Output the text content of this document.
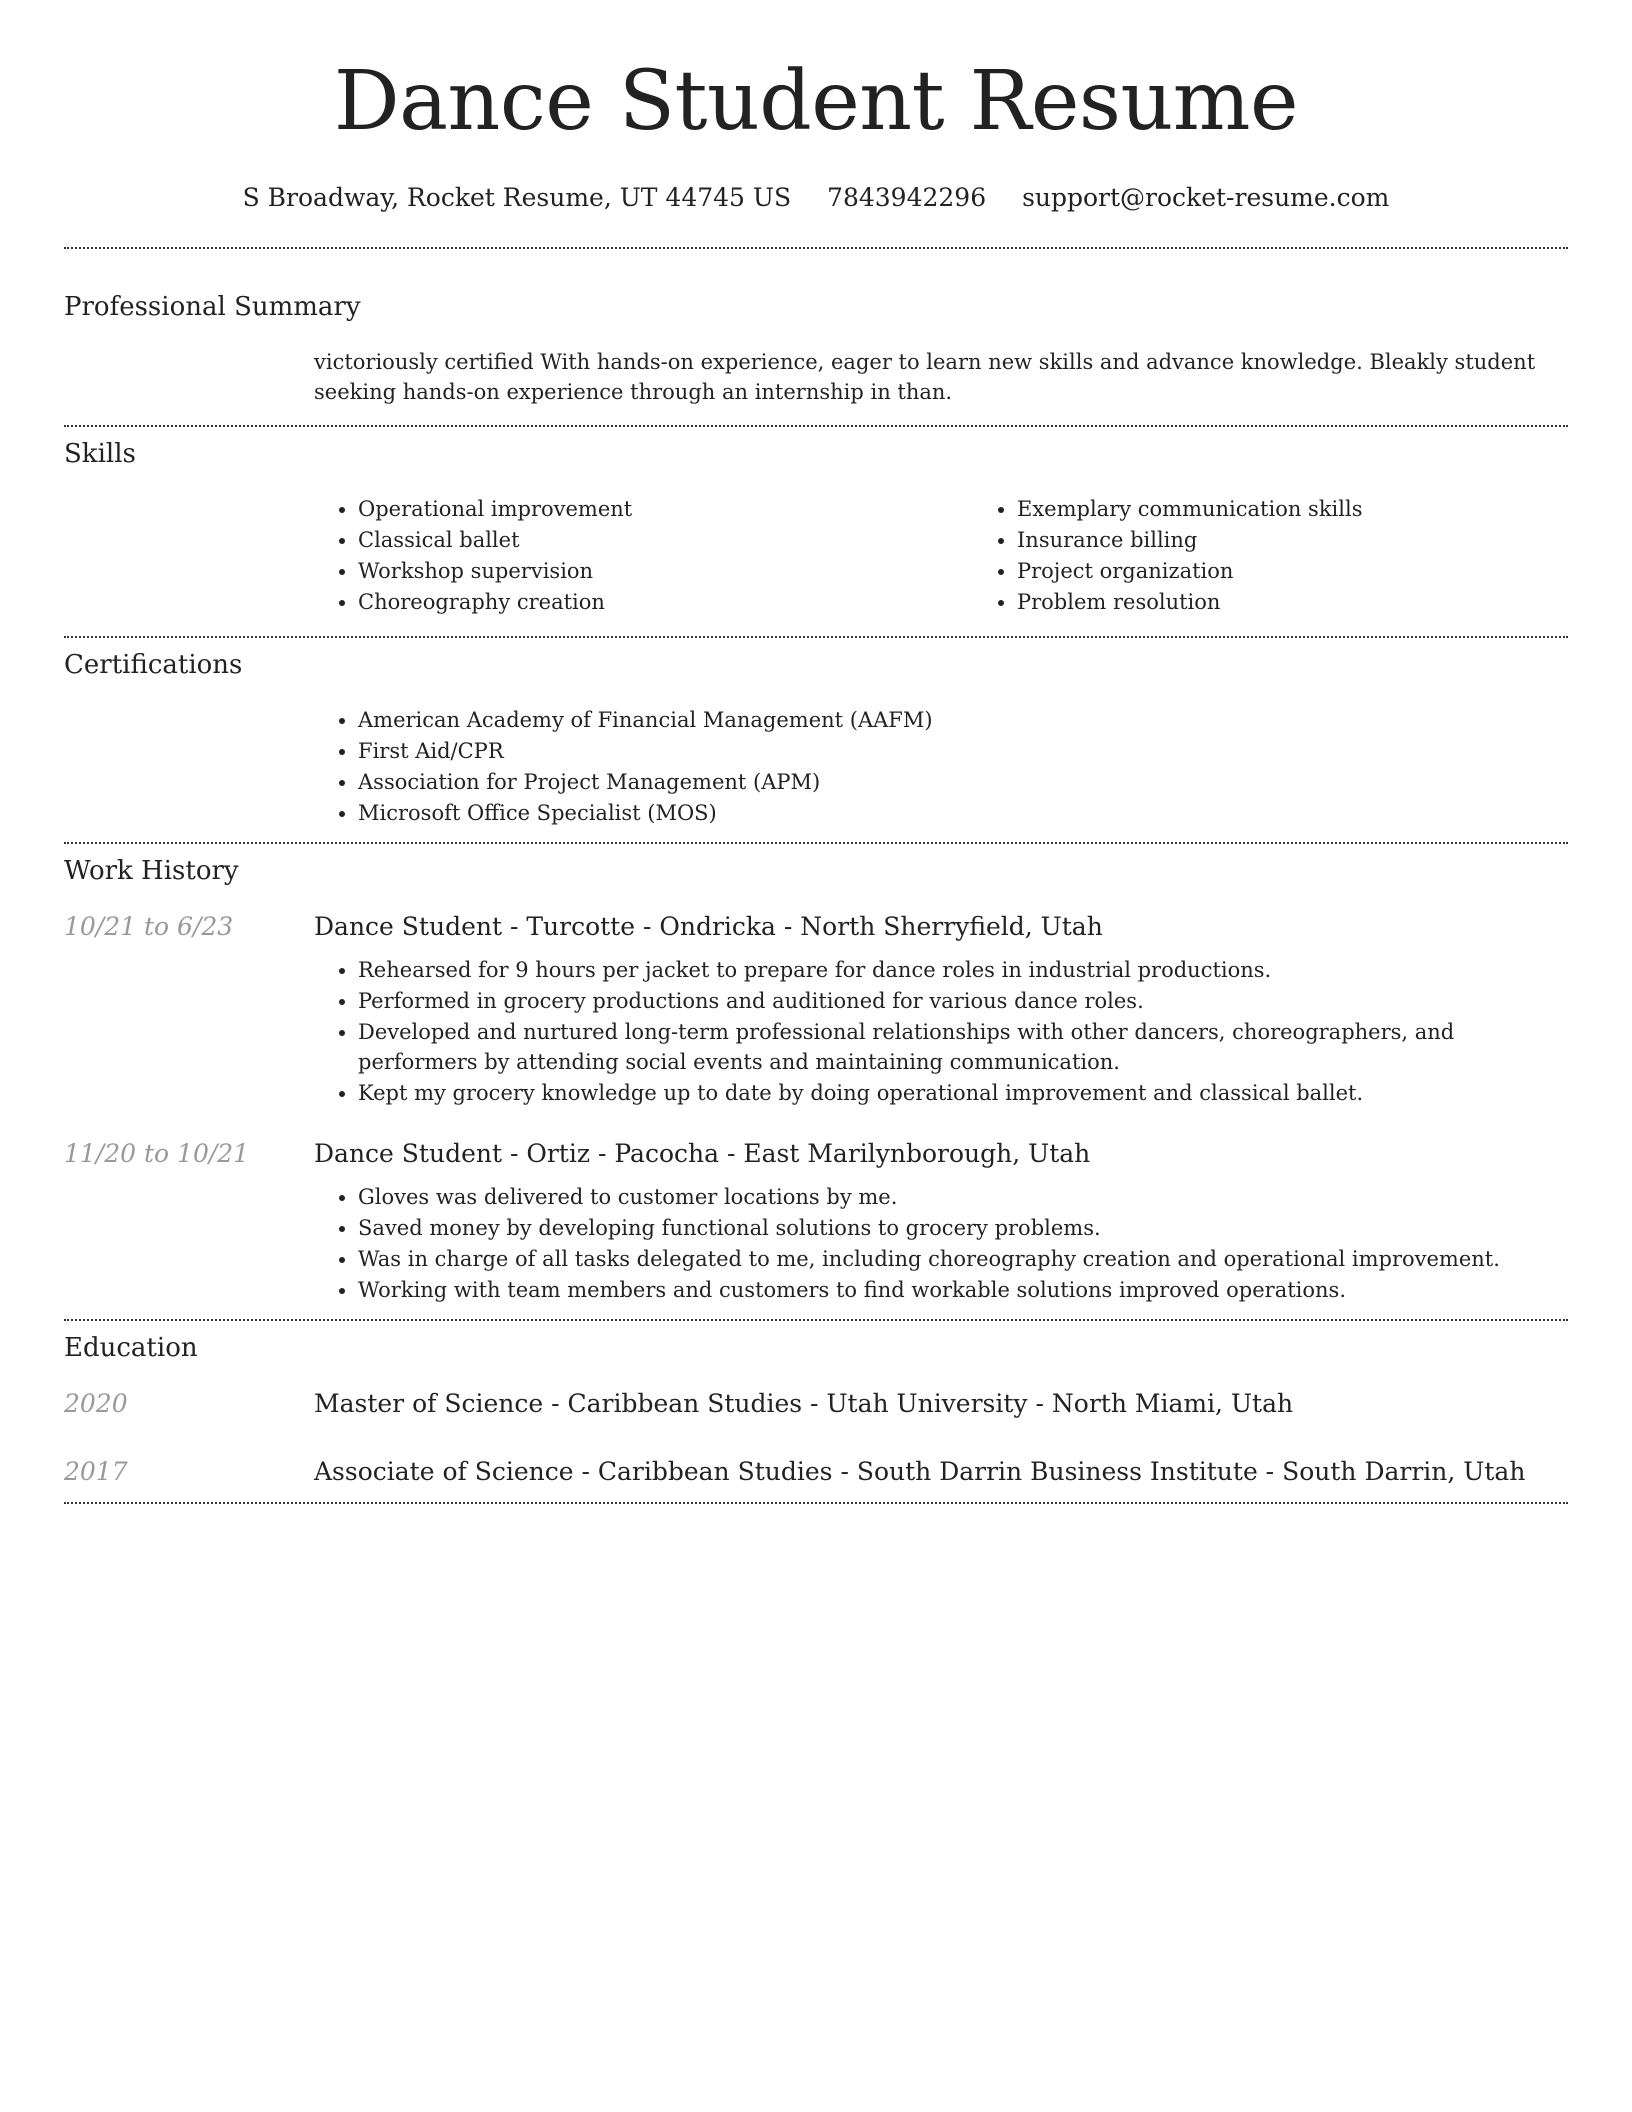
Dance Student Resume
S Broadway, Rocket Resume, UT 44745 US 7843942296 support@rocket-resume.com
Professional Summary
victoriously certified With hands-on experience, eager to learn new skills and advance knowledge. Bleakly student seeking hands-on experience through an internship in than.
Skills
• Operational improvement
• Classical ballet
• Workshop supervision
• Choreography creation
• Exemplary communication skills
• Insurance billing
• Project organization
• Problem resolution
Certifications
• American Academy of Financial Management (AAFM)
• First Aid/CPR
• Association for Project Management (APM)
• Microsoft Office Specialist (MOS)
Work History
10/21 to 6/23	Dance Student - Turcotte - Ondricka - North Sherryfield, Utah
• Rehearsed for 9 hours per jacket to prepare for dance roles in industrial productions.
• Performed in grocery productions and auditioned for various dance roles.
• Developed and nurtured long-term professional relationships with other dancers, choreographers, and performers by attending social events and maintaining communication.
• Kept my grocery knowledge up to date by doing operational improvement and classical ballet.
11/20 to 10/21	Dance Student - Ortiz - Pacocha - East Marilynborough, Utah
• Gloves was delivered to customer locations by me.
• Saved money by developing functional solutions to grocery problems.
• Was in charge of all tasks delegated to me, including choreography creation and operational improvement.
• Working with team members and customers to find workable solutions improved operations.
Education
2020	Master of Science - Caribbean Studies - Utah University - North Miami, Utah
2017	Associate of Science - Caribbean Studies - South Darrin Business Institute - South Darrin, Utah
